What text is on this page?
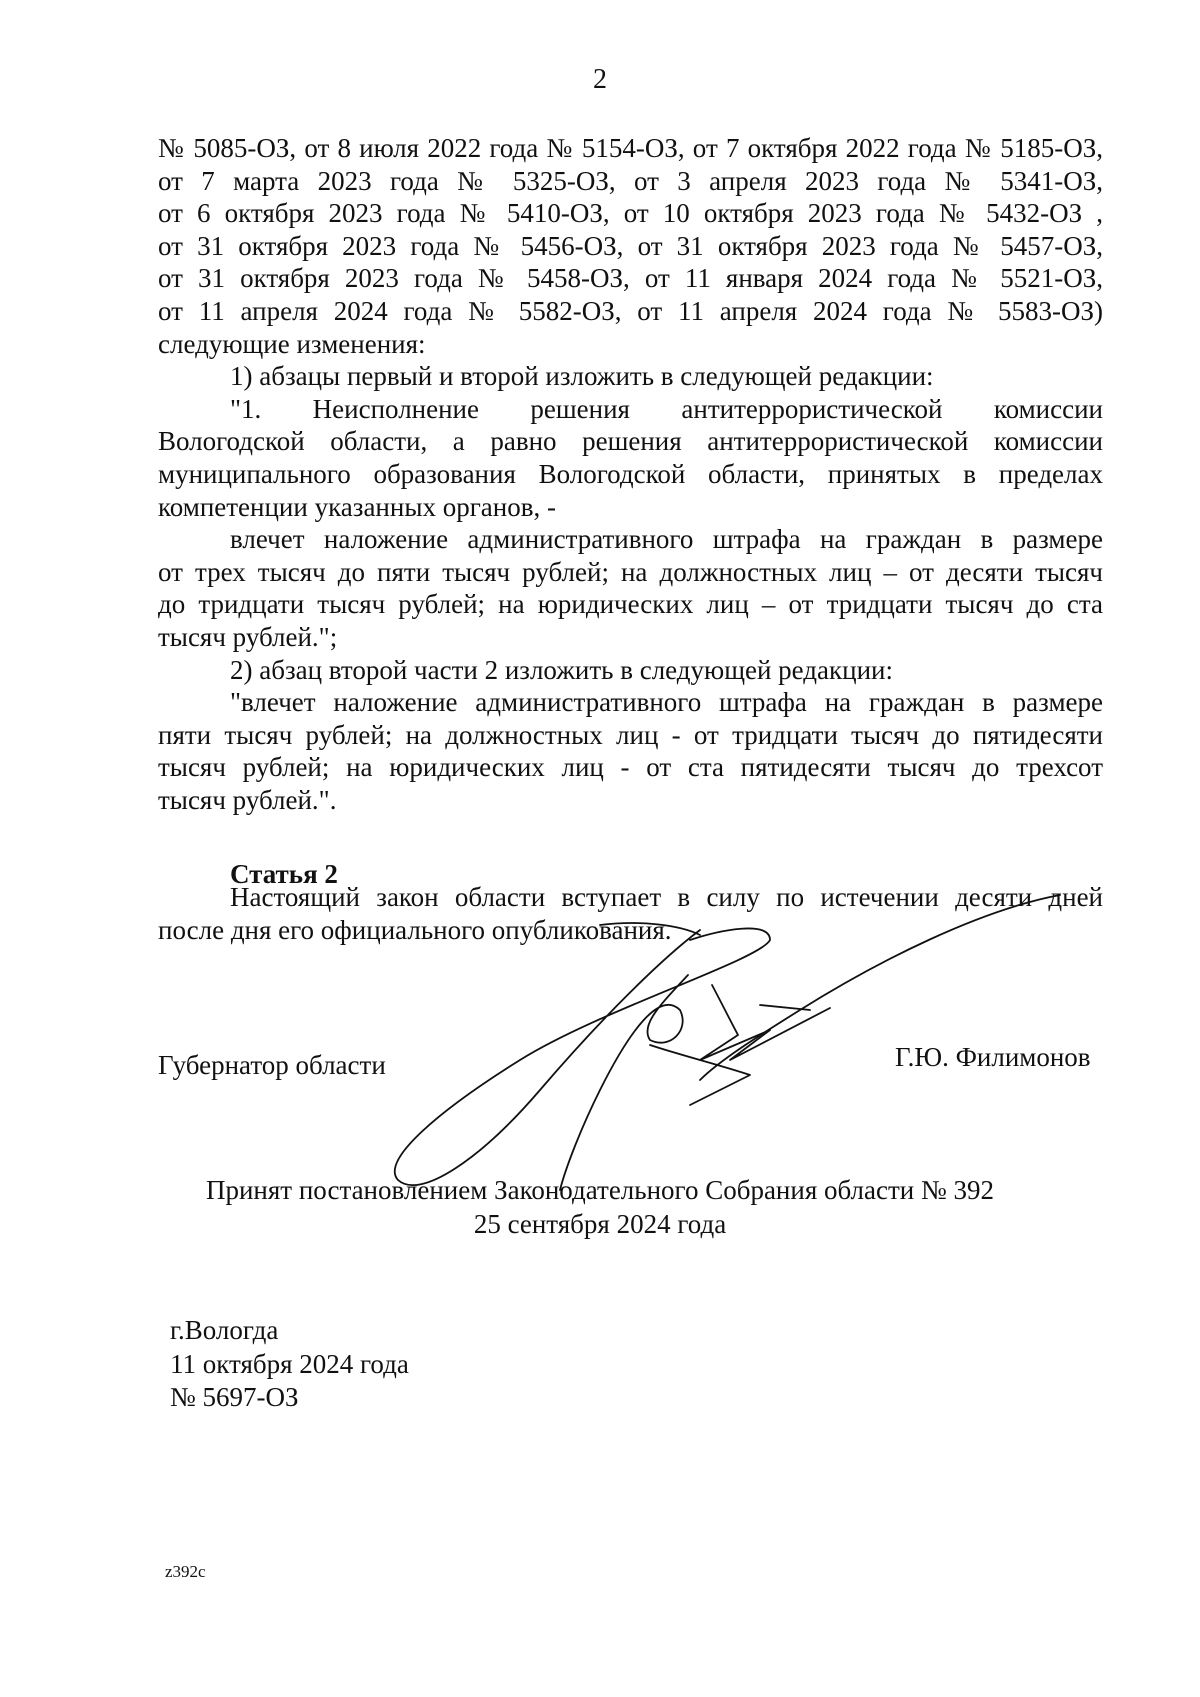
2
№ 5085-ОЗ, от 8 июля 2022 года № 5154-ОЗ, от 7 октября 2022 года № 5185-ОЗ,
от 7 марта 2023 года № 5325-ОЗ, от 3 апреля 2023 года № 5341-ОЗ,
от 6 октября 2023 года № 5410-ОЗ, от 10 октября 2023 года № 5432-ОЗ ,
от 31 октября 2023 года № 5456-ОЗ, от 31 октября 2023 года № 5457-ОЗ,
от 31 октября 2023 года № 5458-ОЗ, от 11 января 2024 года № 5521-ОЗ,
от 11 апреля 2024 года № 5582-ОЗ, от 11 апреля 2024 года № 5583-ОЗ)
следующие изменения:
1) абзацы первый и второй изложить в следующей редакции:
"1. Неисполнение решения антитеррористической комиссии
Вологодской области, а равно решения антитеррористической комиссии
муниципального образования Вологодской области, принятых в пределах
компетенции указанных органов, -
влечет наложение административного штрафа на граждан в размере
от трех тысяч до пяти тысяч рублей; на должностных лиц – от десяти тысяч
до тридцати тысяч рублей; на юридических лиц – от тридцати тысяч до ста
тысяч рублей.";
2) абзац второй части 2 изложить в следующей редакции:
"влечет наложение административного штрафа на граждан в размере
пяти тысяч рублей; на должностных лиц - от тридцати тысяч до пятидесяти
тысяч рублей; на юридических лиц - от ста пятидесяти тысяч до трехсот
тысяч рублей.".
Статья 2
Настоящий закон области вступает в силу по истечении десяти дней
после дня его официального опубликования.
Губернатор области	Г.Ю. Филимонов
Принят постановлением Законодательного Собрания области № 392
25 сентября 2024 года
г.Вологда
11 октября 2024 года
№ 5697-ОЗ
z392c
